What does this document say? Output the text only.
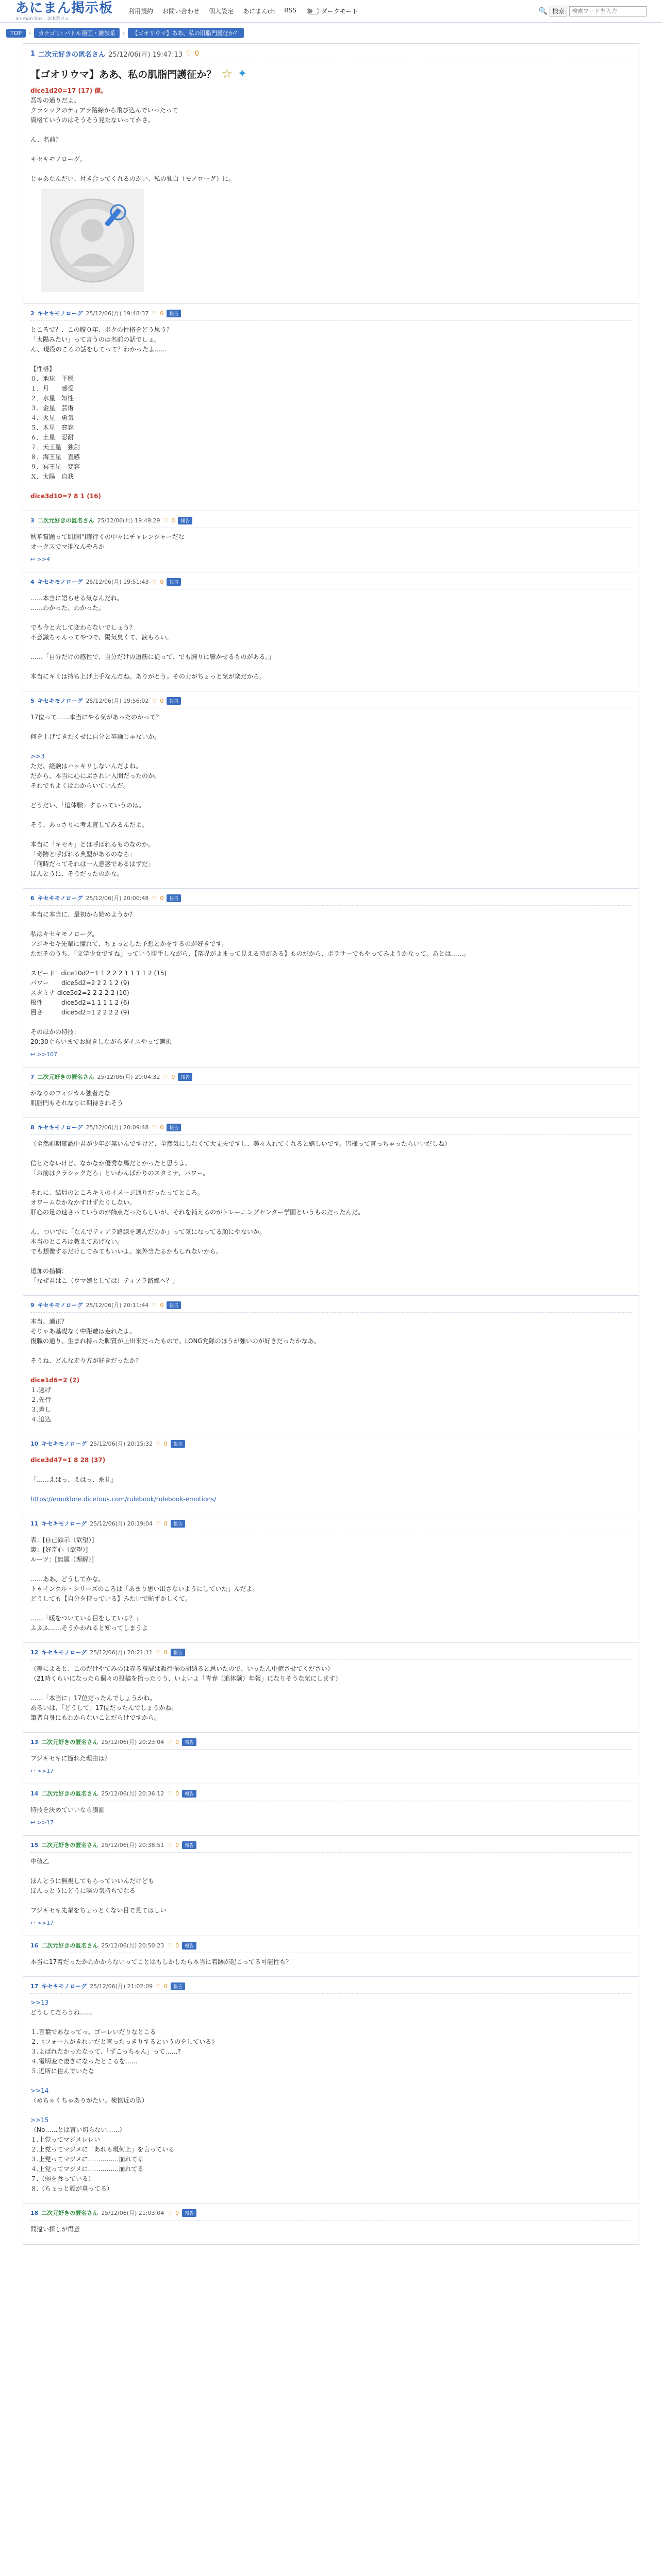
あにまん掲示板
animan bbs - 2ch系スレ
利用規約 お問い合わせ 個人設定 あにまんch RSS	ダークモード	🔍 検索
検索ワードを入力
TOP	›	カテゴリ: バトル漫画・雑談系	›	【ゴオリウマ】ああ、私の肌脂門護征か？
1 二次元好きの匿名さん 25/12/06(月) 19:47:13 ♡ 0
【ゴオリウマ】ああ、私の肌脂門護征か？ ☆ ✦

dice1d20=17 (17) 億。

吾等の通りだよ。

クラシックのティアラ路線から飛び込んでいったって

資格ていうのはそうそう見たないってかさ。

ん、名前？

キセキモノローグ。

じゃあなんだい、付き合ってくれるのかい、私の独白（モノローグ）に。

2 キセキモノローグ 25/12/06(月) 19:48:37 ♡ 0	報告

ところで？、この腹０年、ボクの性格をどう思う？

「太陽みたい」って言うのは名前の話でしょ。

ん、現役のころの話をしてって？わかったよ……

【性格】

０．地球　平穏

１．月　　感受

２．水星　知性

３．金星　芸術

４．火星　勇気

５．木星　寛容

６．土星　忍耐

７．天王星　独創

８．海王星　直感

９．冥王星　変容

Ｘ．太陽　自我

dice3d10=7 8 1 (16)

3 二次元好きの匿名さん 25/12/06(月) 19:49:29 ♡ 0	報告

秋華賞題って肌脂門護行くの中々にチャレンジャーだな

オークスでマ推なんやろか

↩ >>4
4 キセキモノローグ 25/12/06(月) 19:51:43 ♡ 0	報告

……本当に語らせる気なんだね。

……わかった、わかった。

でも今と大して変わらないでしょう？

不意識ちゃんってやつで、陽気臭くて、涙もろい。

……「自分だけの感性で、自分だけの道筋に従って、でも胸りに響かせるものがある。」

本当にキミは持ち上げ上手なんだね。ありがとう。その力がちょっと気が楽だから。

5 キセキモノローグ 25/12/06(月) 19:56:02 ♡ 0	報告

17位って……本当にやる気があったのかって？

何を上げてきたくせに自分と卒論じゃないか。

>>3

ただ、経験はハッキリしないんだよね。

だから、本当に心にぶされい入間だったのか。

それでもよくはわからいていんだ。

どうだい、「追体験」するっていうのは。

そう、あっさりに考え直してみるんだよ。

本当に「キセキ」とは呼ばれるものなのか。

「奇跡と呼ばれる典型があるのなら」

「何時だってそれは一人意惑であるはずだ」

ほんとうに、そうだったのかな。

6 キセキモノローグ 25/12/06(月) 20:00:48 ♡ 0	報告

本当に本当に、最初から始めようか？

私はキセキモノローグ。

フジキセキ先輩に憧れて、ちょっとした予想とかをするのが好きです。

ただそのうち、「文学少女ですね」っていう勝手しながら、【箔界がよまって見える時がある】ものだから、ポラサーでもやってみようかなって。あとは……。

スピード　dice10d2=1 1 2 2 2 1 1 1 1 2 (15)

パワー　　dice5d2=2 2 2 1 2 (9)

スタミナ dice5d2=2 2 2 2 2 (10)

根性　　　dice5d2=1 1 1 1 2 (6)

賢さ　　　dice5d2=1 2 2 2 2 (9)

そのほかの特技：

20:30ぐらいまでお聞きしながらダイスやって選択

↩ >>107
7 二次元好きの匿名さん 25/12/06(月) 20:04:32 ♡ 0	報告

かなりのフィジカル強者だな

肌脂門もそれなりに期待されそう

8 キセキモノローグ 25/12/06(月) 20:09:48 ♡ 0	報告

（全然前期確認中君が少年が無いんですけど、全然気にしなくて大丈夫ですし、美々入れてくれると嬉しいです。皆様って言っちゃったらいいだしね）

信とたないけど、なかなか優秀な馬だとかったと思うよ。

「お前はクラシックだろ」といわんばかりのスタミナ、パワー。

それに、結局のところキミのイメージ通りだったってところ。

オワームなかなかすけずたりしない。

肝心の足の速さっていうのが飾点だったらしいが、それを補えるのがトレーニングセンター学園というものだったんだ。

ん、ついでに「なんでティアラ路線を選んだのか」って気になってる顔にやないか。

本当のところは教えてあげない。

でも想像するだけしてみてもいいよ。案外当たるかもしれないから。

追加の指摘：

「なぜ君はこ（ウマ娘としては）ティアラ路線へ？」

9 キセキモノローグ 25/12/06(月) 20:11:44 ♡ 0	報告

本当、適正？

そりゃあ基礎なく中距離は走れたよ。

復職の通り、生まれ持った脚質が上出来だったもので、LONG党隊のほうが強いのが好きだったかなあ。

そうね、どんな走り方が好きだったか？

dice1d6=2 (2)

１.逃げ

２.先行

３.差し

４.追込

10 キセキモノローグ 25/12/06(月) 20:15:32 ♡ 0	報告

dice3d47=1 8 28 (37)

「……えはっ、えはっ、糸礼」

https://emoklore.dicetous.com/rulebook/rulebook-emotions/

11 キセキモノローグ 25/12/06(月) 20:19:04 ♡ 0	報告

表：[自己顕示（欲望）]

裏：[好奇心（欲望）]

ルーツ：[無題（理解）]

……ああ、どうしてかな。

トゥインクル・シリーズのころは「あまり思い出さないようにしていた」んだよ。

どうしても【自分を持っている】みたいで恥ずかしくて。

……「暖をついている目をしている？」

ふふふ……そうかわれると知ってしまうよ

12 キセキモノローグ 25/12/06(月) 20:21:11 ♡ 0	報告

（等によると、このだけやてみのは赤る複層は販行探の胡納ると思いたので、いったん中値させてください）

（21時くらいになったら個々の投稿を拾ったりう、いよいよ「青春（追体験）年報」になりそうな気にします）

……「本当に」17位だったんでしょうかね。

あるいは、「どうして」17位だったんでしょうかね。

筆者自身にもわからないことだらけですから。

13 二次元好きの匿名さん 25/12/06(月) 20:23:04 ♡ 0	報告

フジキセキに憧れた理由は？

↩ >>17
14 二次元好きの匿名さん 25/12/06(月) 20:36:12 ♡ 0	報告

特技を決めていいなら讃謡

↩ >>17
15 二次元好きの匿名さん 25/12/06(月) 20:38:51 ♡ 0	報告

中値乙

ほんとうに無視してもらっていいんだけども

ほんっとうにどうに喋の気持ちでなる

フジキセキ先輩をちょっとくない目で見てはしい

↩ >>17
16 二次元好きの匿名さん 25/12/06(月) 20:50:23 ♡ 0	報告

本当に17着だったかわかからないってことはもしかしたら本当に着跡が起こってる可能性も？

17 キセキモノローグ 25/12/06(月) 21:02:09 ♡ 0	報告

>>13

どうしてだろうね……

１.言葉であなってっ、ゴーレいだりなとこる

２.《フォームがきれいだと言ったっきりするというのをしている》

３.よばれたかったなって、「ずこっちゃん」って……?

４.電明変で凄ぎになったとこるを……

５.近所に住んでいたな

>>14

（めちゃくちゃありがたい。検慎近の型）

>>15

（No……とは言い切らない……）

１.上党ってマジメレレい

２.上党ってマジメに「あれも現何上」を言っている

３.上党ってマジメに……………崩れてる

４.上党ってマジメに……………崩れてる

７.（弱を食っている）

８.（ちょっと顔が真ってる）

18 二次元好きの匿名さん 25/12/06(月) 21:03:04 ♡ 0	報告

間違い探しが得意
